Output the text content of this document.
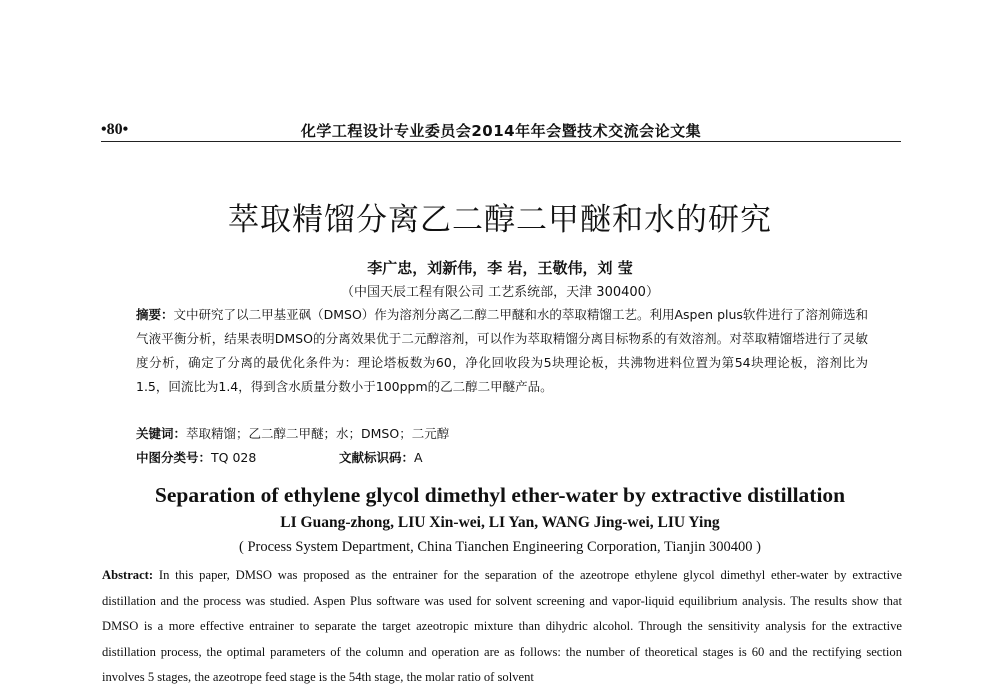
•80•	化学工程设计专业委员会2014年年会暨技术交流会论文集
萃取精馏分离乙二醇二甲醚和水的研究
李广忠，刘新伟，李 岩，王敬伟，刘 莹
（中国天辰工程有限公司 工艺系统部，天津 300400）
摘要：文中研究了以二甲基亚砜（DMSO）作为溶剂分离乙二醇二甲醚和水的萃取精馏工艺。利用Aspen plus软件进行了溶剂筛选和气液平衡分析，结果表明DMSO的分离效果优于二元醇溶剂，可以作为萃取精馏分离目标物系的有效溶剂。对萃取精馏塔进行了灵敏度分析，确定了分离的最优化条件为：理论塔板数为60，净化回收段为5块理论板，共沸物进料位置为第54块理论板，溶剂比为1.5，回流比为1.4，得到含水质量分数小于100ppm的乙二醇二甲醚产品。
关键词：萃取精馏；乙二醇二甲醚；水；DMSO；二元醇
中图分类号：TQ 028	文献标识码：A
Separation of ethylene glycol dimethyl ether-water by extractive distillation
LI Guang-zhong, LIU Xin-wei, LI Yan, WANG Jing-wei, LIU Ying
( Process System Department, China Tianchen Engineering Corporation, Tianjin 300400 )
Abstract: In this paper, DMSO was proposed as the entrainer for the separation of the azeotrope ethylene glycol dimethyl ether-water by extractive distillation and the process was studied. Aspen Plus software was used for solvent screening and vapor-liquid equilibrium analysis. The results show that DMSO is a more effective entrainer to separate the target azeotropic mixture than dihydric alcohol. Through the sensitivity analysis for the extractive distillation process, the optimal parameters of the column and operation are as follows: the number of theoretical stages is 60 and the rectifying section involves 5 stages, the azeotrope feed stage is the 54th stage, the molar ratio of solvent
